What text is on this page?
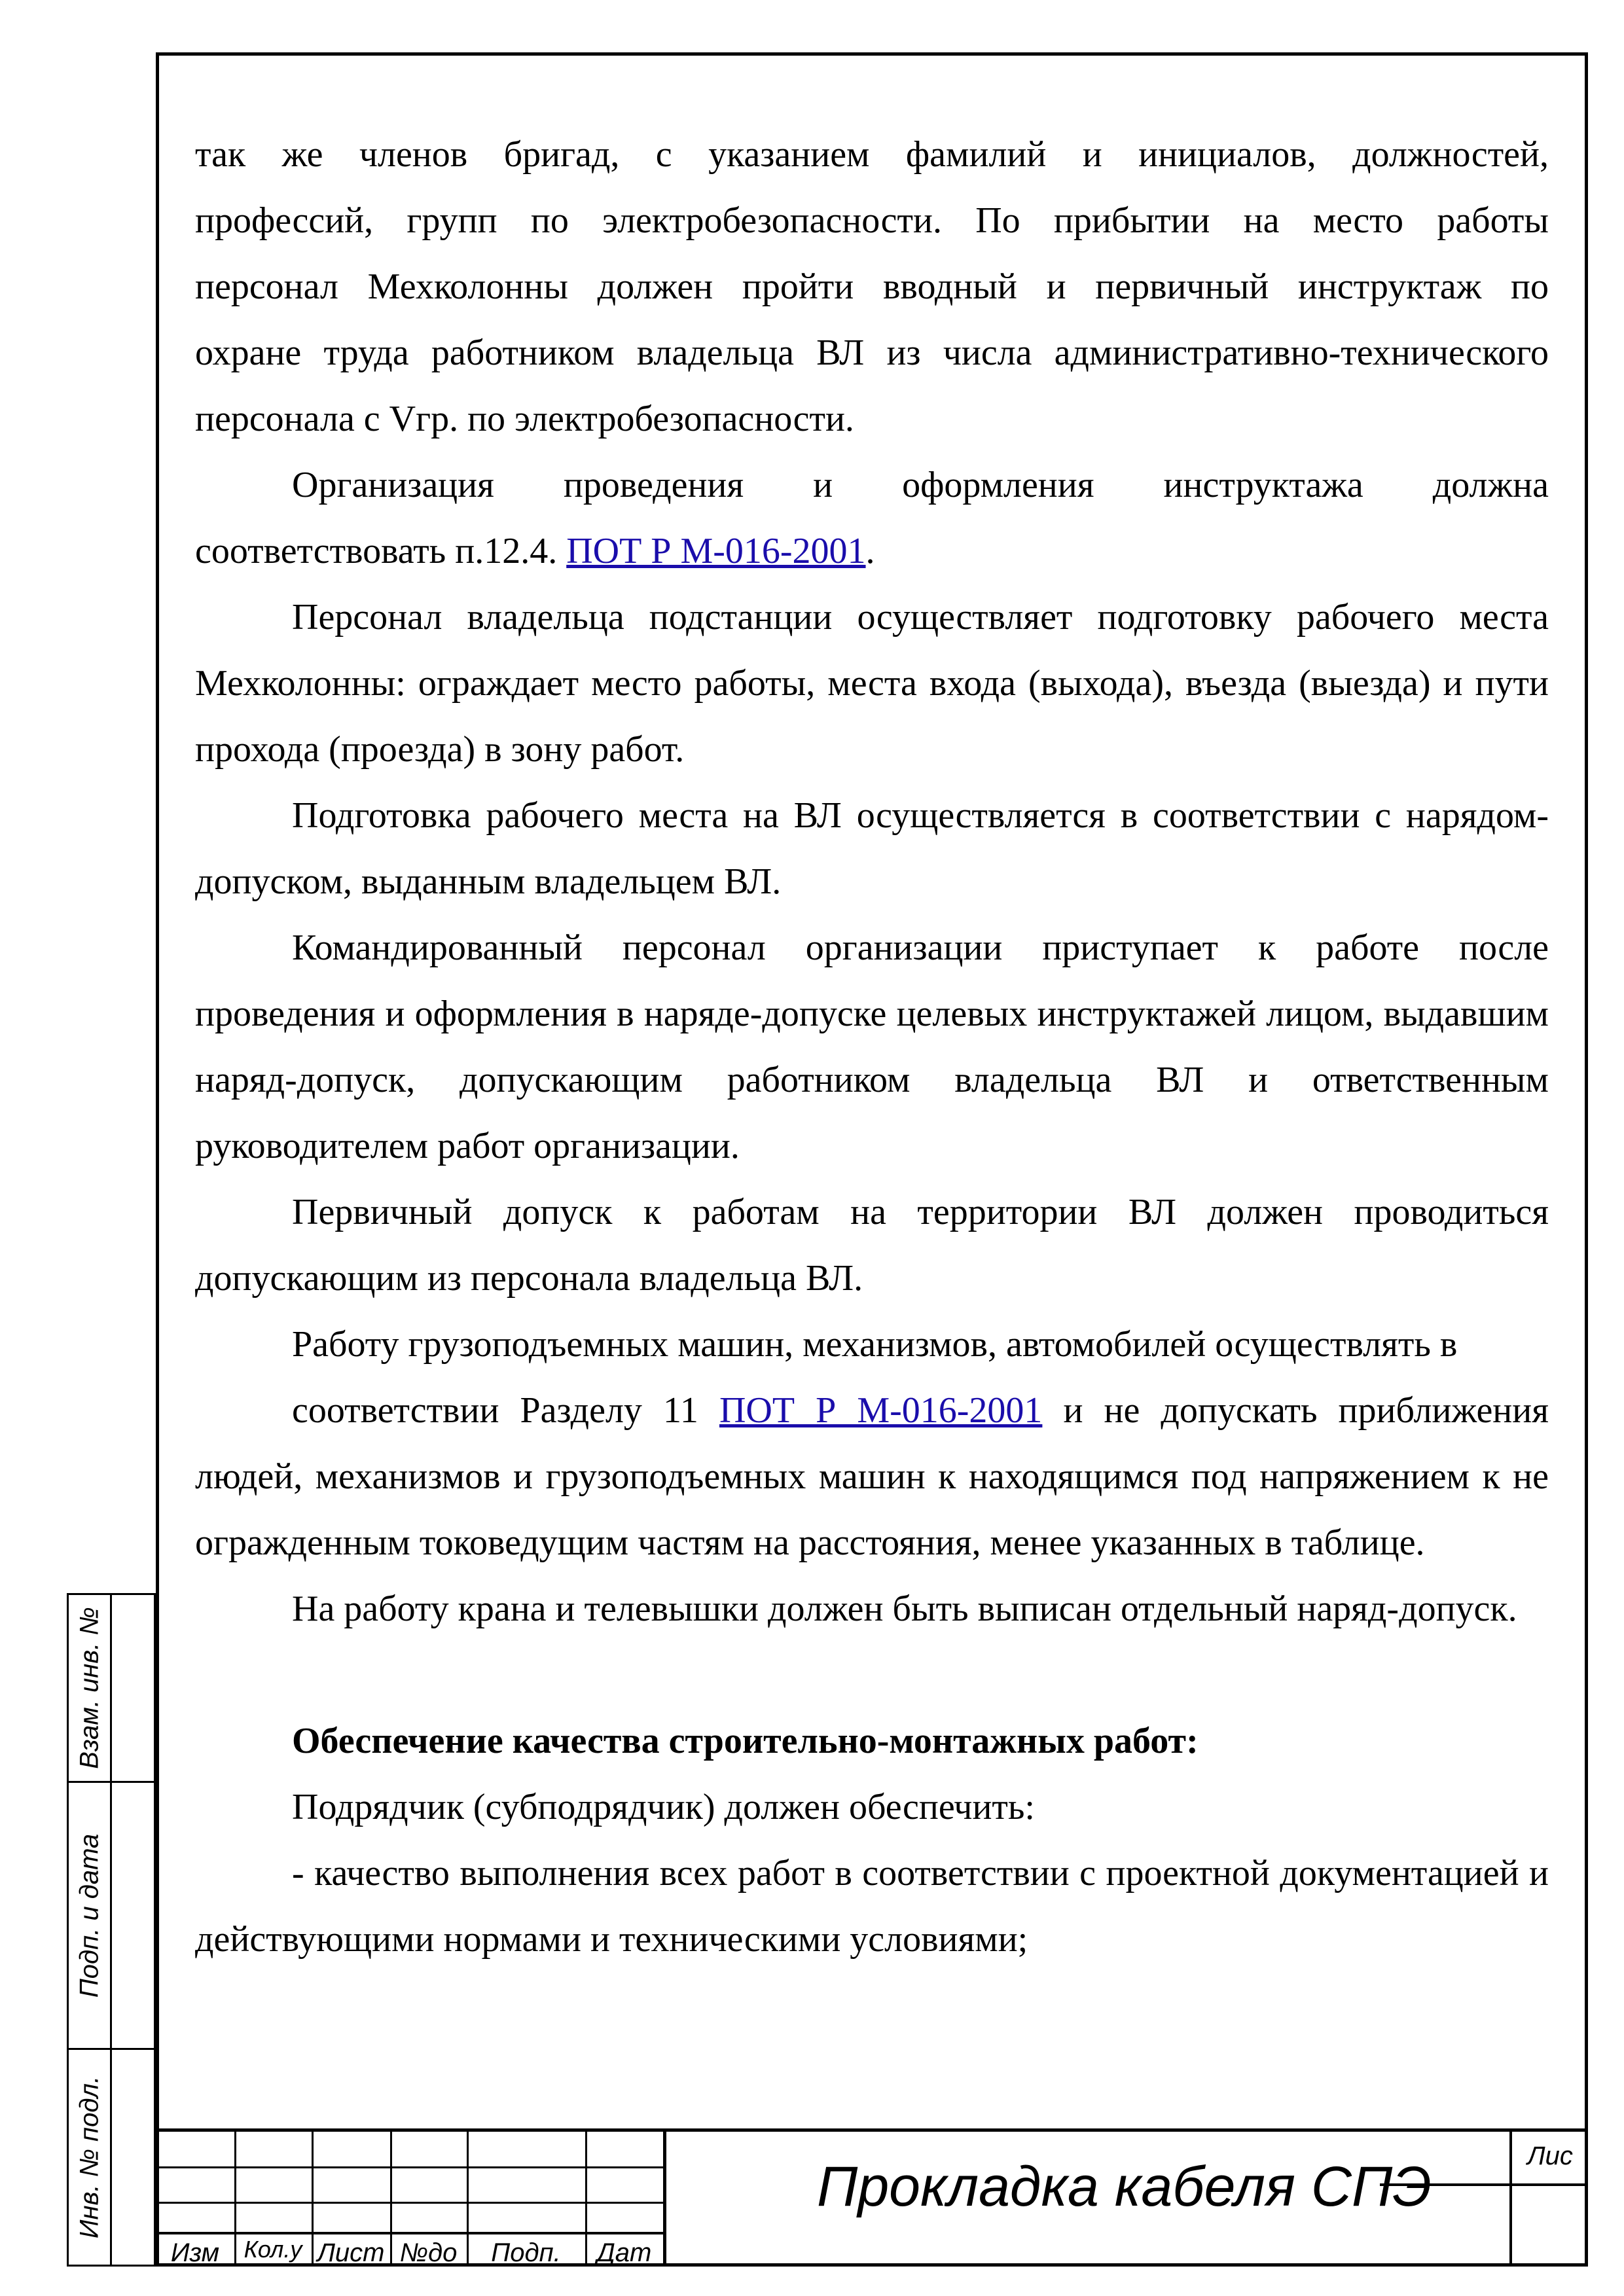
так же членов бригад, с указанием фамилий и инициалов, должностей,
профессий, групп по электробезопасности. По прибытии на место работы
персонал Мехколонны должен пройти вводный и первичный инструктаж по
охране труда работником владельца ВЛ из числа административно-технического
персонала с Vгр. по электробезопасности.

Организация проведения и оформления инструктажа должна
соответствовать п.12.4. ПОТ Р М-016-2001.

Персонал владельца подстанции осуществляет подготовку рабочего места Мехколонны: ограждает место работы, места входа (выхода), въезда (выезда) и пути прохода (проезда) в зону работ.

Подготовка рабочего места на ВЛ осуществляется в соответствии с нарядом-допуском, выданным владельцем ВЛ.

Командированный персонал организации приступает к работе после проведения и оформления в наряде-допуске целевых инструктажей лицом, выдавшим наряд-допуск, допускающим работником владельца ВЛ и ответственным руководителем работ организации.

Первичный допуск к работам на территории ВЛ должен проводиться допускающим из персонала владельца ВЛ.

Работу грузоподъемных машин, механизмов, автомобилей осуществлять в

соответствии Разделу 11 ПОТ Р М-016-2001 и не допускать приближения людей, механизмов и грузоподъемных машин к находящимся под напряжением к не огражденным токоведущим частям на расстояния, менее указанных в таблице.

На работу крана и телевышки должен быть выписан отдельный наряд-допуск.

Обеспечение качества строительно-монтажных работ:

Подрядчик (субподрядчик) должен обеспечить:

- качество выполнения всех работ в соответствии с проектной документацией и действующими нормами и техническими условиями;

Взам. инв. №
Подп. и дата
Инв. № подл.
Изм	Кол.у Лист №до	Подп.	Дат
Прокладка кабеля СПЭ	Лис
